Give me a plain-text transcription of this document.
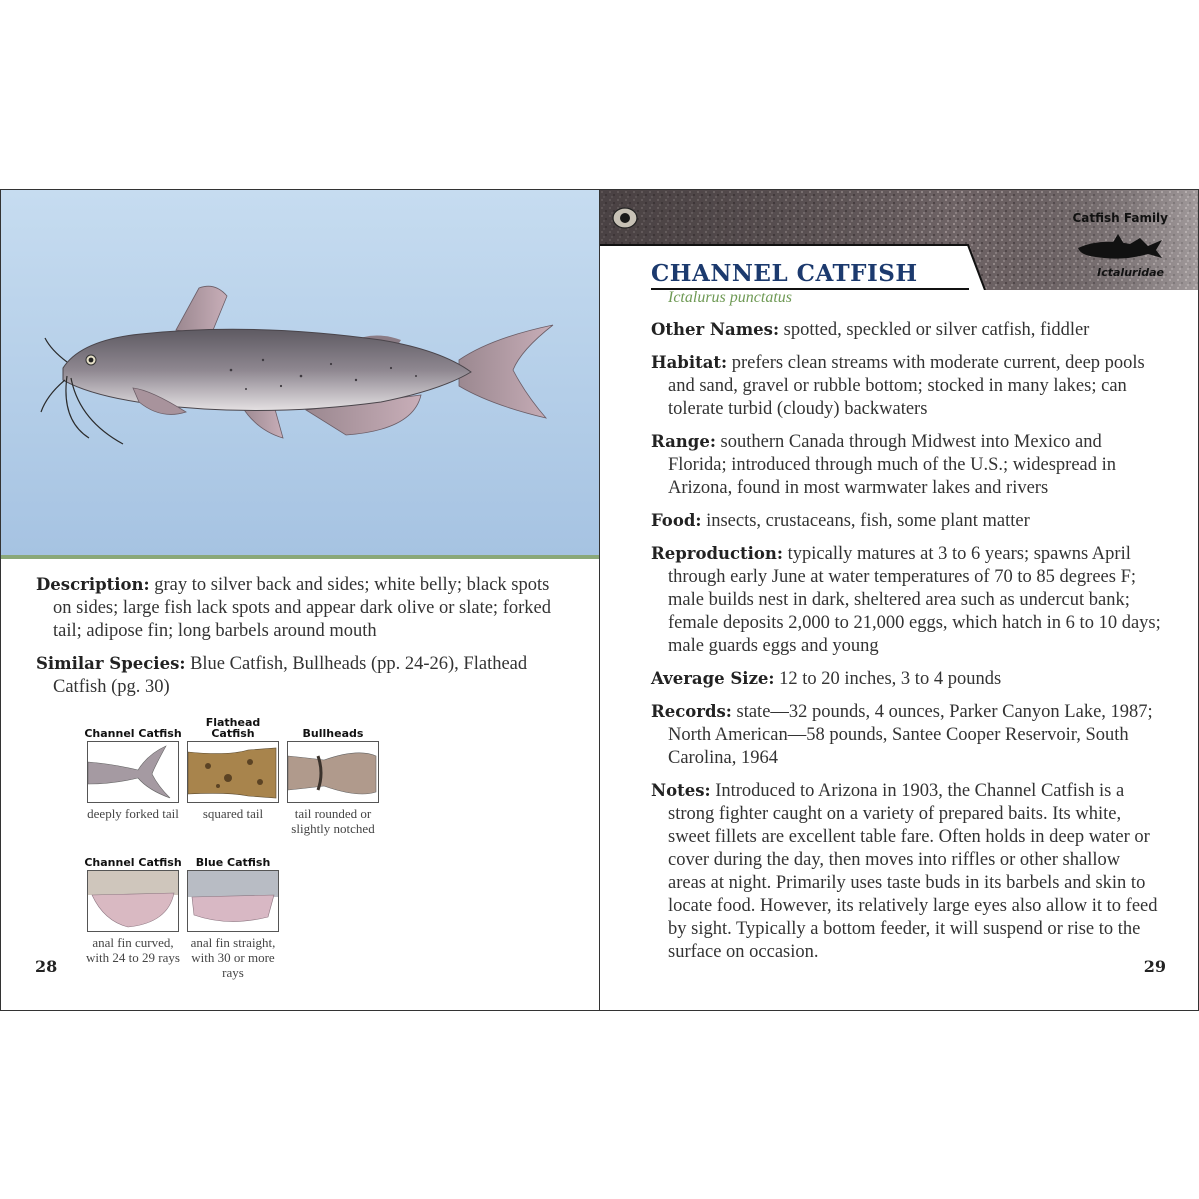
Description: gray to silver back and sides; white belly; black spots on sides; large fish lack spots and appear dark olive or slate; forked tail; adipose fin; long barbels around mouth

Similar Species: Blue Catfish, Bullheads (pp. 24-26), Flathead Catfish (pg. 30)

Channel Catfish
deeply forked tail
Flathead Catfish
squared tail
Bullheads
tail rounded or slightly notched
Channel Catfish
anal fin curved, with 24 to 29 rays
Blue Catfish
anal fin straight, with 30 or more rays
28
Catfish Family
Ictaluridae
CHANNEL CATFISH
Ictalurus punctatus

Other Names: spotted, speckled or silver catfish, fiddler

Habitat: prefers clean streams with moderate current, deep pools and sand, gravel or rubble bottom; stocked in many lakes; can tolerate turbid (cloudy) backwaters

Range: southern Canada through Midwest into Mexico and Florida; introduced through much of the U.S.; widespread in Arizona, found in most warmwater lakes and rivers

Food: insects, crustaceans, fish, some plant matter

Reproduction: typically matures at 3 to 6 years; spawns April through early June at water temperatures of 70 to 85 degrees F; male builds nest in dark, sheltered area such as undercut bank; female deposits 2,000 to 21,000 eggs, which hatch in 6 to 10 days; male guards eggs and young

Average Size: 12 to 20 inches, 3 to 4 pounds

Records: state—32 pounds, 4 ounces, Parker Canyon Lake, 1987; North American—58 pounds, Santee Cooper Reservoir, South Carolina, 1964

Notes: Introduced to Arizona in 1903, the Channel Catfish is a strong fighter caught on a variety of prepared baits. Its white, sweet fillets are excellent table fare. Often holds in deep water or cover during the day, then moves into riffles or other shallow areas at night. Primarily uses taste buds in its barbels and skin to locate food. However, its relatively large eyes also allow it to feed by sight. Typically a bottom feeder, it will suspend or rise to the surface on occasion.

29
